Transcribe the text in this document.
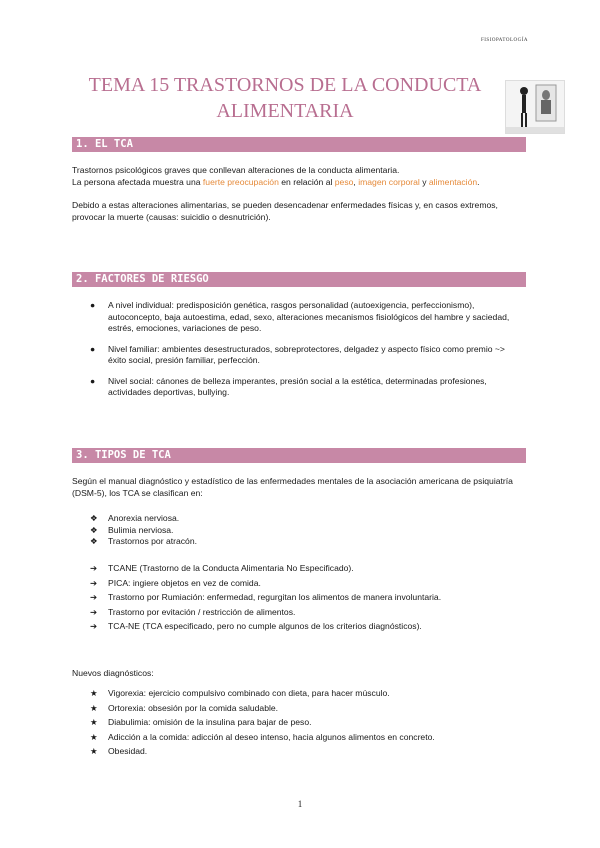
FISIOPATOLOGÍA
TEMA 15 TRASTORNOS DE LA CONDUCTA ALIMENTARIA
1. EL TCA
Trastornos psicológicos graves que conllevan alteraciones de la conducta alimentaria.
La persona afectada muestra una fuerte preocupación en relación al peso, imagen corporal y alimentación.
Debido a estas alteraciones alimentarias, se pueden desencadenar enfermedades físicas y, en casos extremos, provocar la muerte (causas: suicidio o desnutrición).
2. FACTORES DE RIESGO
●	A nivel individual: predisposición genética, rasgos personalidad (autoexigencia, perfeccionismo), autoconcepto, baja autoestima, edad, sexo, alteraciones mecanismos fisiológicos del hambre y saciedad, estrés, emociones, variaciones de peso.
●	Nivel familiar: ambientes desestructurados, sobreprotectores, delgadez y aspecto físico como premio ~> éxito social, presión familiar, perfección.
●	Nivel social: cánones de belleza imperantes, presión social a la estética, determinadas profesiones, actividades deportivas, bullying.
3. TIPOS DE TCA
Según el manual diagnóstico y estadístico de las enfermedades mentales de la asociación americana de psiquiatría (DSM-5), los TCA se clasifican en:
❖	Anorexia nerviosa.
❖	Bulimia nerviosa.
❖	Trastornos por atracón.
➔	TCANE (Trastorno de la Conducta Alimentaria No Especificado).
➔	PICA: ingiere objetos en vez de comida.
➔	Trastorno por Rumiación: enfermedad, regurgitan los alimentos de manera involuntaria.
➔	Trastorno por evitación / restricción de alimentos.
➔	TCA-NE (TCA especificado, pero no cumple algunos de los criterios diagnósticos).
Nuevos diagnósticos:
★	Vigorexia: ejercicio compulsivo combinado con dieta, para hacer músculo.
★	Ortorexia: obsesión por la comida saludable.
★	Diabulimia: omisión de la insulina para bajar de peso.
★	Adicción a la comida: adicción al deseo intenso, hacia algunos alimentos en concreto.
★	Obesidad.
1
